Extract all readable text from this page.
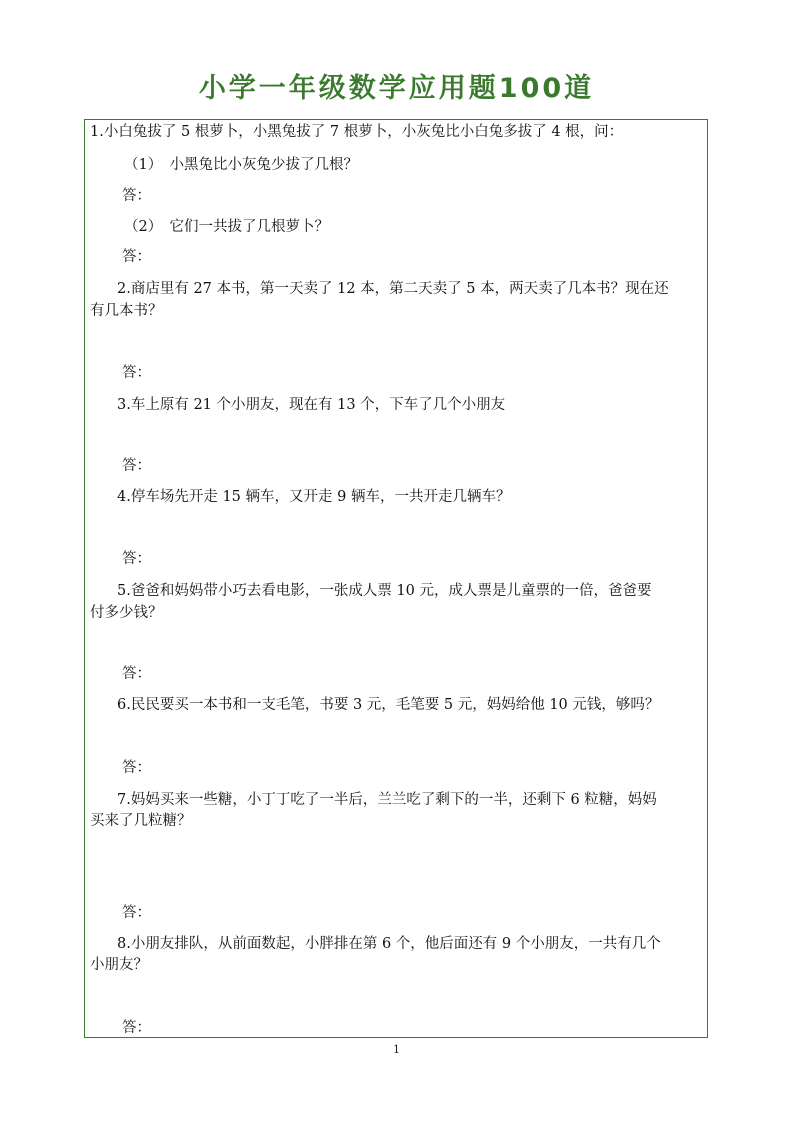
小学一年级数学应用题100道
1.小白兔拔了 5 根萝卜，小黑兔拔了 7 根萝卜，小灰兔比小白兔多拔了 4 根，问：
（1）　小黑兔比小灰兔少拔了几根？
答：
（2）　它们一共拔了几根萝卜？
答：
2.商店里有 27 本书，第一天卖了 12 本，第二天卖了 5 本，两天卖了几本书？现在还
有几本书？
答：
3.车上原有 21 个小朋友，现在有 13 个，下车了几个小朋友
答：
4.停车场先开走 15 辆车，又开走 9 辆车，一共开走几辆车？
答：
5.爸爸和妈妈带小巧去看电影，一张成人票 10 元，成人票是儿童票的一倍，爸爸要
付多少钱？
答：
6.民民要买一本书和一支毛笔，书要 3 元，毛笔要 5 元，妈妈给他 10 元钱，够吗？
答：
7.妈妈买来一些糖，小丁丁吃了一半后，兰兰吃了剩下的一半，还剩下 6 粒糖，妈妈
买来了几粒糖？
答：
8.小朋友排队，从前面数起，小胖排在第 6 个，他后面还有 9 个小朋友，一共有几个
小朋友？
答：
1
